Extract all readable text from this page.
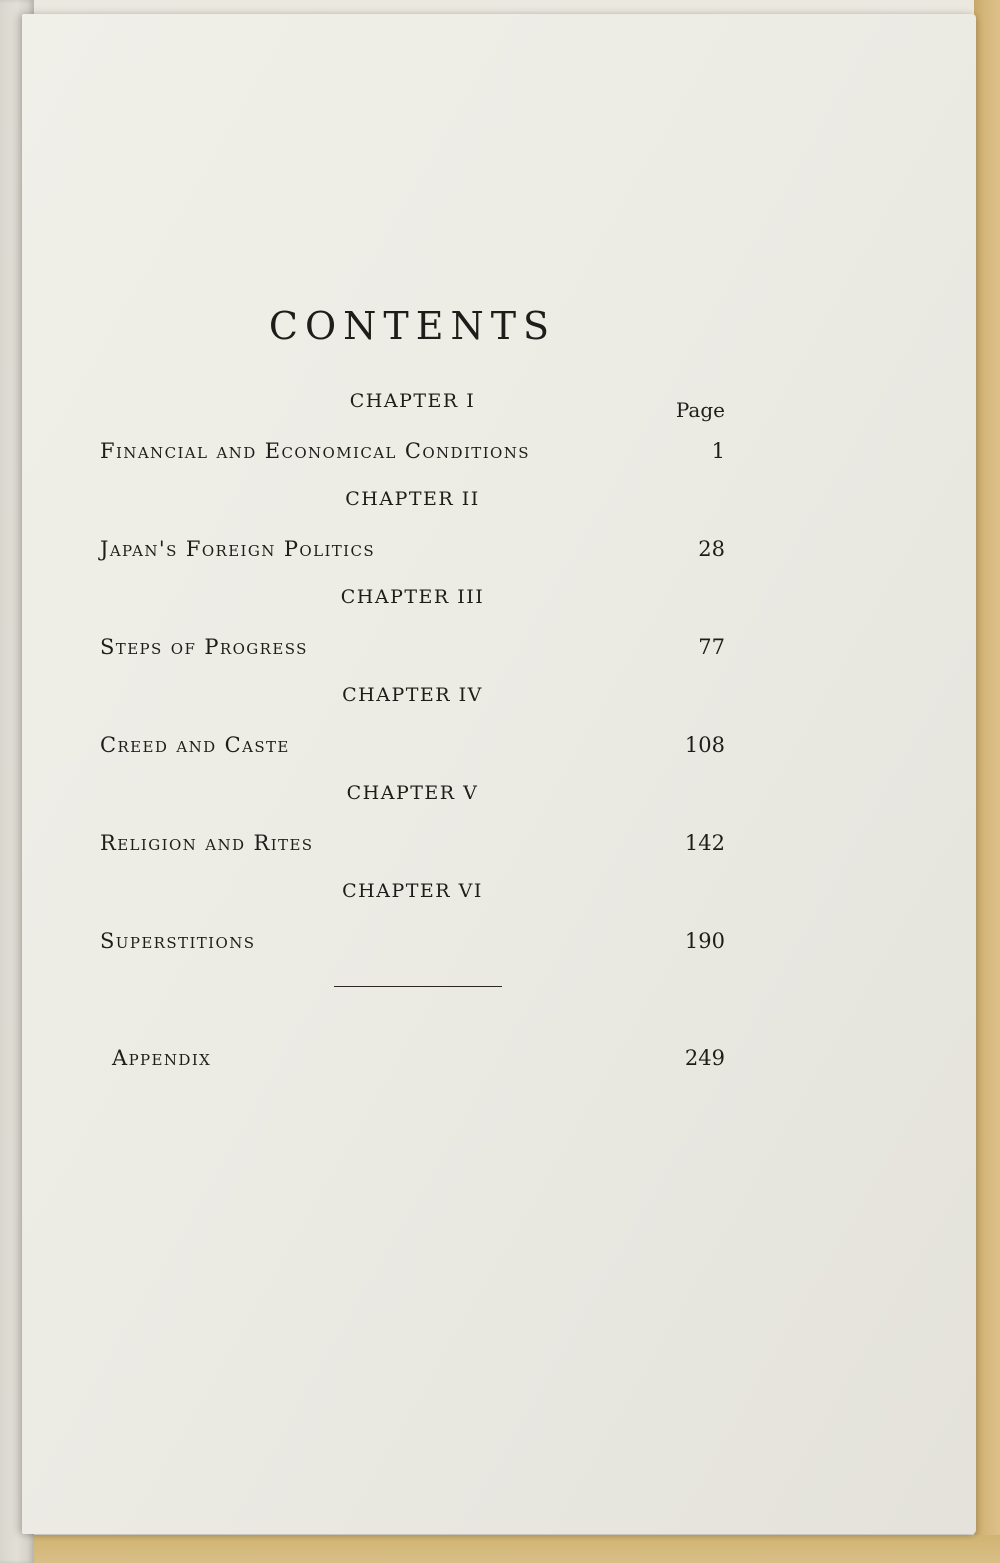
CONTENTS
CHAPTER I	Page
Financial and Economical Conditions	1
CHAPTER II
Japan's Foreign Politics	28
CHAPTER III
Steps of Progress	77
CHAPTER IV
Creed and Caste	108
CHAPTER V
Religion and Rites	142
CHAPTER VI
Superstitions	190
Appendix	249
